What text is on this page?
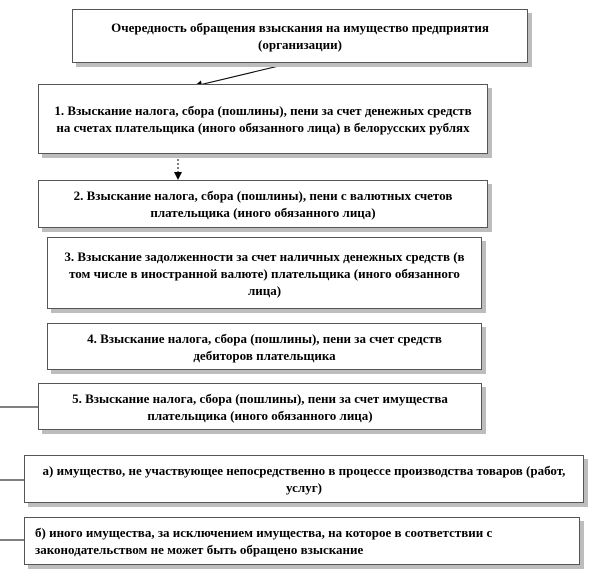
Очередность обращения взыскания на имущество предприятия (организации)
1. Взыскание налога, сбора (пошлины), пени за счет денежных средств на счетах плательщика (иного обязанного лица) в белорусских рублях
2. Взыскание налога, сбора (пошлины), пени с валютных счетов плательщика (иного обязанного лица)
3. Взыскание задолженности за счет наличных денежных средств (в том числе в иностранной валюте) плательщика (иного обязанного лица)
4. Взыскание налога, сбора (пошлины), пени за счет средств дебиторов плательщика
5. Взыскание налога, сбора (пошлины), пени за счет имущества плательщика (иного обязанного лица)
а) имущество, не участвующее непосредственно в процессе производства товаров (работ, услуг)
б) иного имущества, за исключением имущества, на которое в соответствии с законодательством не может быть обращено взыскание
